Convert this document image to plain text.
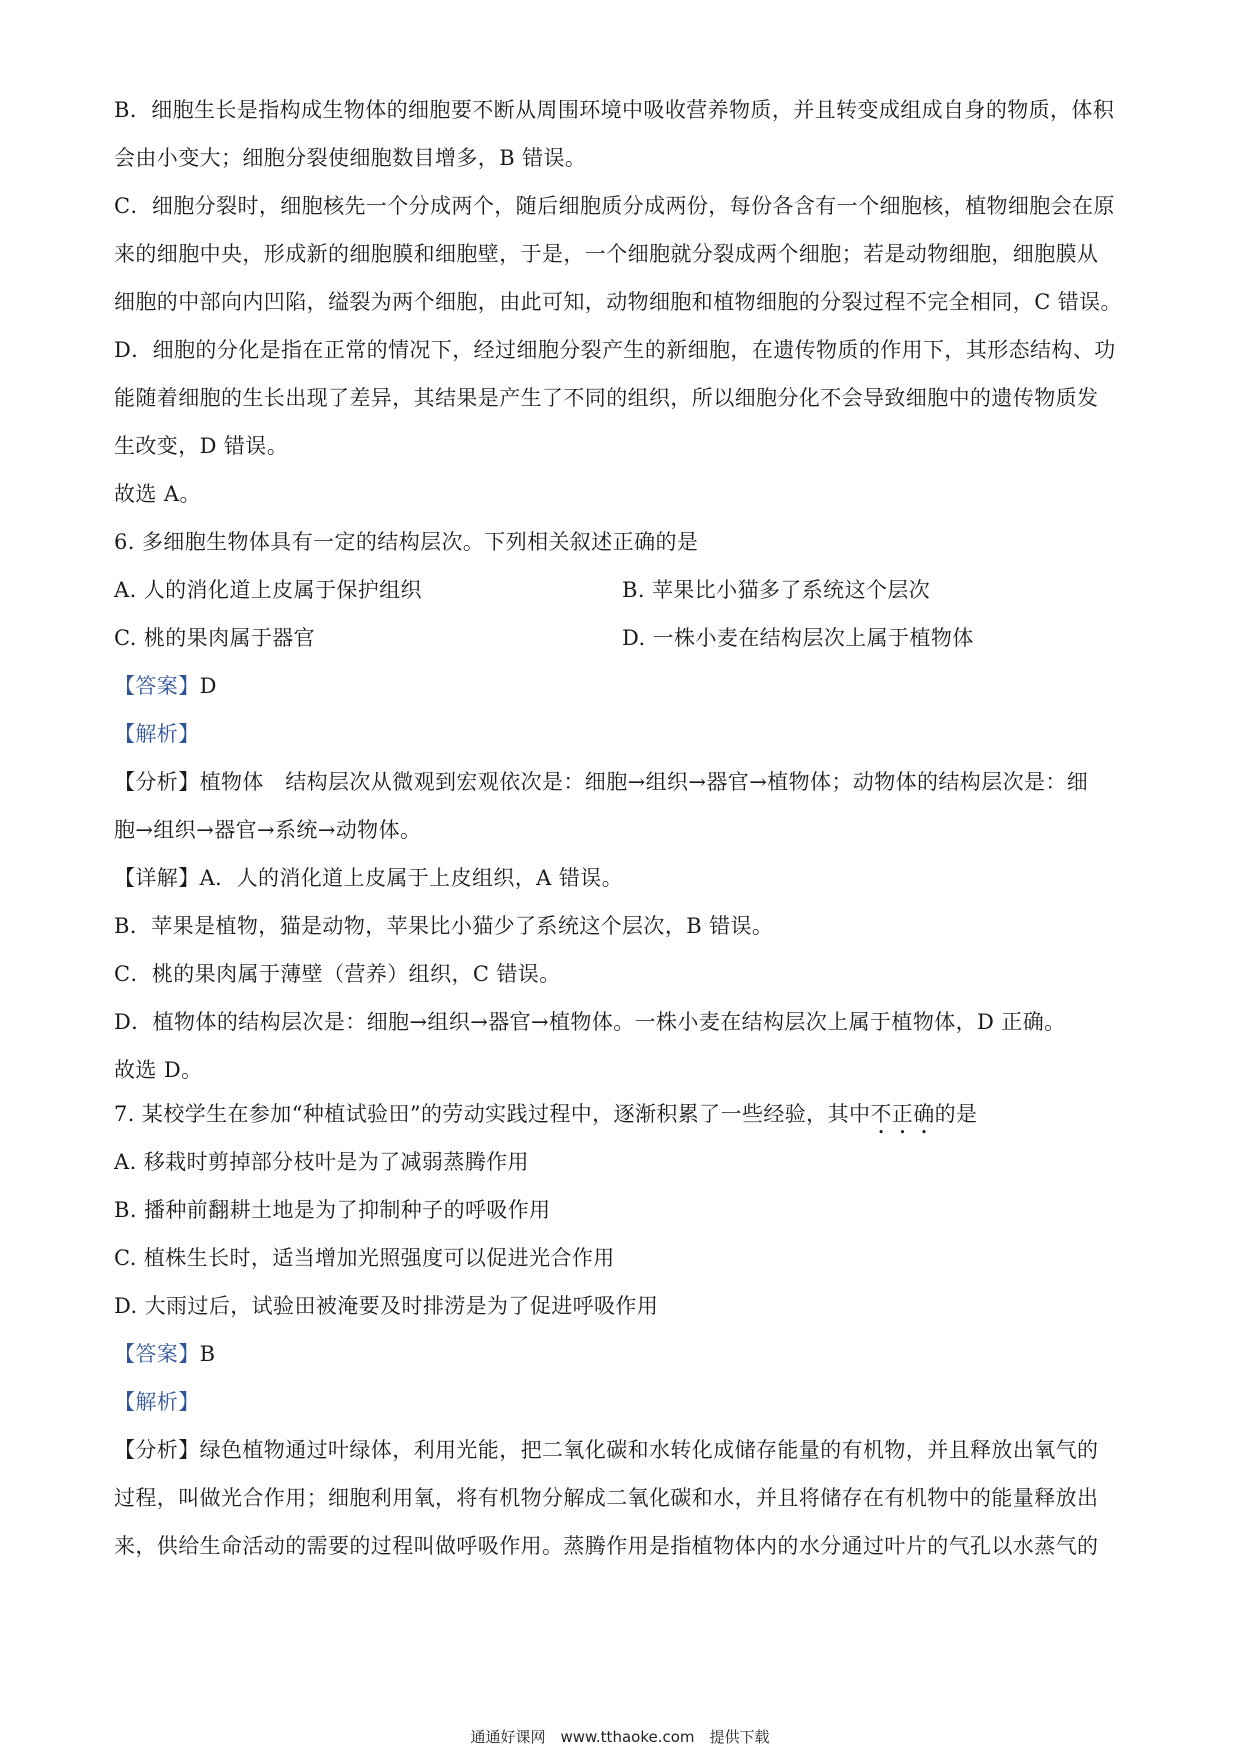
B．细胞生长是指构成生物体的细胞要不断从周围环境中吸收营养物质，并且转变成组成自身的物质，体积
会由小变大；细胞分裂使细胞数目增多，B 错误。
C．细胞分裂时，细胞核先一个分成两个，随后细胞质分成两份，每份各含有一个细胞核，植物细胞会在原
来的细胞中央，形成新的细胞膜和细胞壁，于是，一个细胞就分裂成两个细胞；若是动物细胞，细胞膜从
细胞的中部向内凹陷，缢裂为两个细胞，由此可知，动物细胞和植物细胞的分裂过程不完全相同，C 错误。
D．细胞的分化是指在正常的情况下，经过细胞分裂产生的新细胞，在遗传物质的作用下，其形态结构、功
能随着细胞的生长出现了差异，其结果是产生了不同的组织，所以细胞分化不会导致细胞中的遗传物质发
生改变，D 错误。
故选 A。
6. 多细胞生物体具有一定的结构层次。下列相关叙述正确的是
A. 人的消化道上皮属于保护组织	B. 苹果比小猫多了系统这个层次
C. 桃的果肉属于器官	D. 一株小麦在结构层次上属于植物体
【答案】D
【解析】
【分析】植物体　结构层次从微观到宏观依次是：细胞→组织→器官→植物体；动物体的结构层次是：细
胞→组织→器官→系统→动物体。
【详解】A．人的消化道上皮属于上皮组织，A 错误。
B．苹果是植物，猫是动物，苹果比小猫少了系统这个层次，B 错误。
C．桃的果肉属于薄壁（营养）组织，C 错误。
D．植物体的结构层次是：细胞→组织→器官→植物体。一株小麦在结构层次上属于植物体，D 正确。
故选 D。
7. 某校学生在参加“种植试验田”的劳动实践过程中，逐渐积累了一些经验，其中不正确的是
A. 移栽时剪掉部分枝叶是为了减弱蒸腾作用
B. 播种前翻耕土地是为了抑制种子的呼吸作用
C. 植株生长时，适当增加光照强度可以促进光合作用
D. 大雨过后，试验田被淹要及时排涝是为了促进呼吸作用
【答案】B
【解析】
【分析】绿色植物通过叶绿体，利用光能，把二氧化碳和水转化成储存能量的有机物，并且释放出氧气的
过程，叫做光合作用；细胞利用氧，将有机物分解成二氧化碳和水，并且将储存在有机物中的能量释放出
来，供给生命活动的需要的过程叫做呼吸作用。蒸腾作用是指植物体内的水分通过叶片的气孔以水蒸气的
通通好课网　www.tthaoke.com　提供下载
